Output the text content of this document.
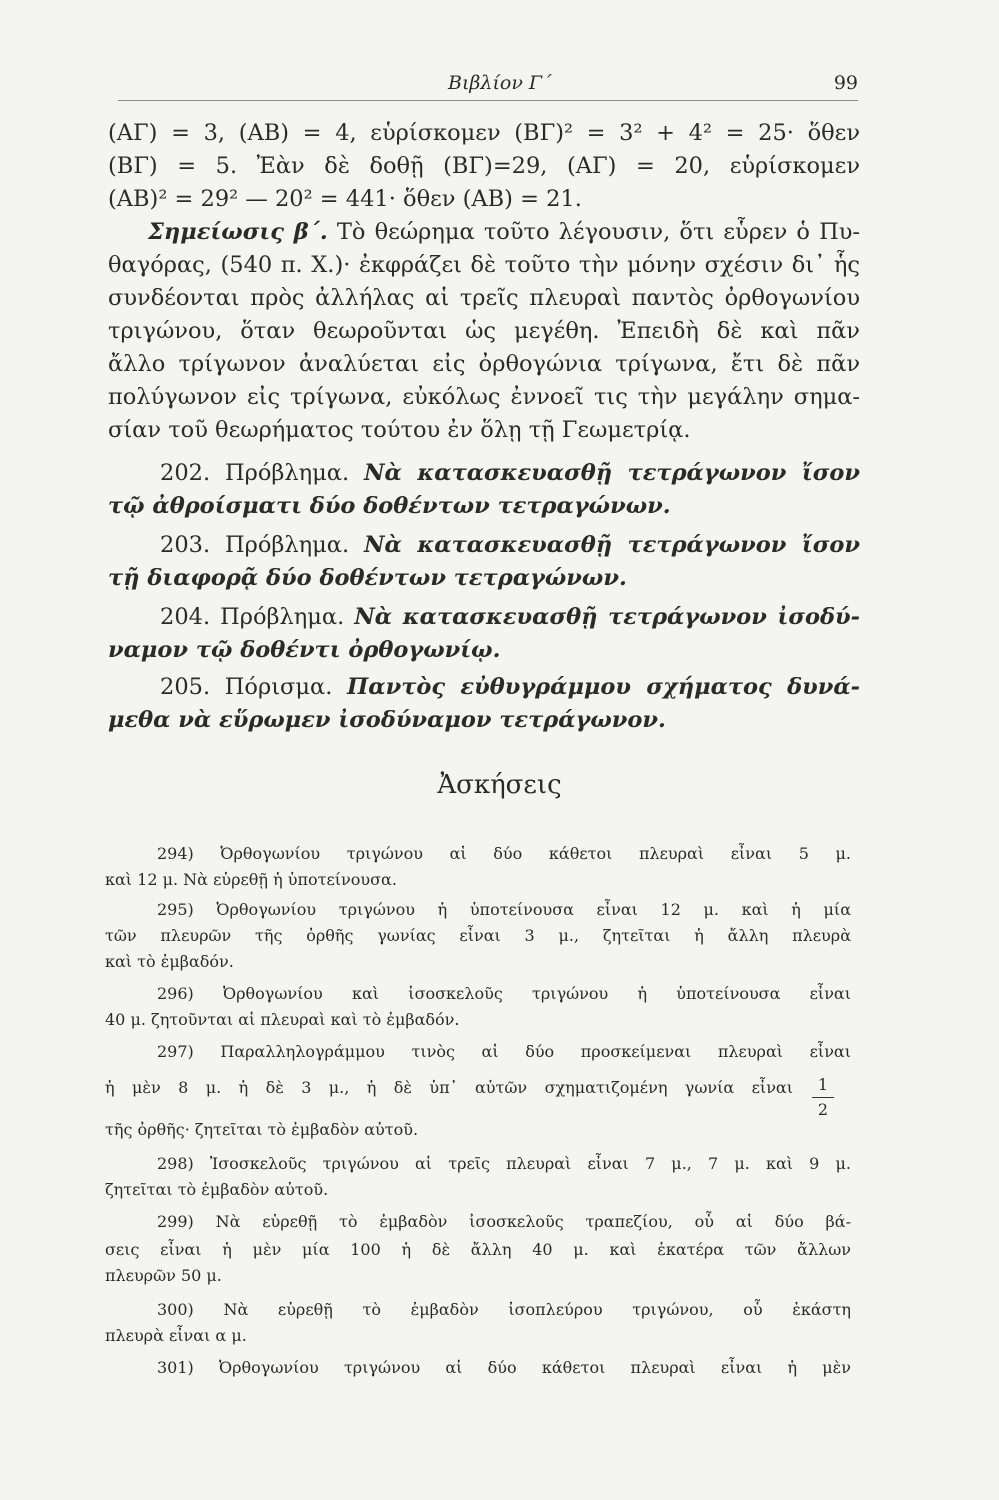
Βιβλίον Γ΄	99
(ΑΓ) = 3, (ΑΒ) = 4, εὑρίσκομεν (ΒΓ)² = 3² + 4² = 25· ὅθεν
(ΒΓ) = 5. Ἐὰν δὲ δοθῇ (ΒΓ)=29, (ΑΓ) = 20, εὑρίσκομεν
(ΑΒ)² = 29² — 20² = 441· ὅθεν (ΑΒ) = 21.
Σημείωσις β΄. Τὸ θεώρημα τοῦτο λέγουσιν, ὅτι εὗρεν ὁ Πυ-
θαγόρας, (540 π. Χ.)· ἐκφράζει δὲ τοῦτο τὴν μόνην σχέσιν δι᾽ ἧς
συνδέονται πρὸς ἀλλήλας αἱ τρεῖς πλευραὶ παντὸς ὀρθογωνίου
τριγώνου, ὅταν θεωροῦνται ὡς μεγέθη. Ἐπειδὴ δὲ καὶ πᾶν
ἄλλο τρίγωνον ἀναλύεται εἰς ὀρθογώνια τρίγωνα, ἔτι δὲ πᾶν
πολύγωνον εἰς τρίγωνα, εὐκόλως ἐννοεῖ τις τὴν μεγάλην σημα-
σίαν τοῦ θεωρήματος τούτου ἐν ὅλῃ τῇ Γεωμετρίᾳ.
202. Πρόβλημα. Νὰ κατασκευασθῇ τετράγωνον ἴσον
τῷ ἀθροίσματι δύο δοθέντων τετραγώνων.
203. Πρόβλημα. Νὰ κατασκευασθῇ τετράγωνον ἴσον
τῇ διαφορᾷ δύο δοθέντων τετραγώνων.
204. Πρόβλημα. Νὰ κατασκευασθῇ τετράγωνον ἰσοδύ-
ναμον τῷ δοθέντι ὀρθογωνίῳ.
205. Πόρισμα. Παντὸς εὐθυγράμμου σχήματος δυνά-
μεθα νὰ εὕρωμεν ἰσοδύναμον τετράγωνον.
Ἀσκήσεις
294) Ὀρθογωνίου τριγώνου αἱ δύο κάθετοι πλευραὶ εἶναι 5 μ.
καὶ 12 μ. Νὰ εὑρεθῇ ἡ ὑποτείνουσα.
295) Ὀρθογωνίου τριγώνου ἡ ὑποτείνουσα εἶναι 12 μ. καὶ ἡ μία
τῶν πλευρῶν τῆς ὀρθῆς γωνίας εἶναι 3 μ., ζητεῖται ἡ ἄλλη πλευρὰ
καὶ τὸ ἐμβαδόν.
296) Ὀρθογωνίου καὶ ἰσοσκελοῦς τριγώνου ἡ ὑποτείνουσα εἶναι
40 μ. ζητοῦνται αἱ πλευραὶ καὶ τὸ ἐμβαδόν.
297) Παραλληλογράμμου τινὸς αἱ δύο προσκείμεναι πλευραὶ εἶναι
ἡ μὲν 8 μ. ἡ δὲ 3 μ., ἡ δὲ ὑπ᾽ αὐτῶν σχηματιζομένη γωνία εἶναι	1
2
τῆς ὀρθῆς· ζητεῖται τὸ ἐμβαδὸν αὐτοῦ.
298) Ἰσοσκελοῦς τριγώνου αἱ τρεῖς πλευραὶ εἶναι 7 μ., 7 μ. καὶ 9 μ.
ζητεῖται τὸ ἐμβαδὸν αὐτοῦ.
299) Νὰ εὑρεθῇ τὸ ἐμβαδὸν ἰσοσκελοῦς τραπεζίου, οὗ αἱ δύο βά-
σεις εἶναι ἡ μὲν μία 100 ἡ δὲ ἄλλη 40 μ. καὶ ἑκατέρα τῶν ἄλλων
πλευρῶν 50 μ.
300) Νὰ εὑρεθῇ τὸ ἐμβαδὸν ἰσοπλεύρου τριγώνου, οὗ ἑκάστη
πλευρὰ εἶναι α μ.
301) Ὀρθογωνίου τριγώνου αἱ δύο κάθετοι πλευραὶ εἶναι ἡ μὲν
